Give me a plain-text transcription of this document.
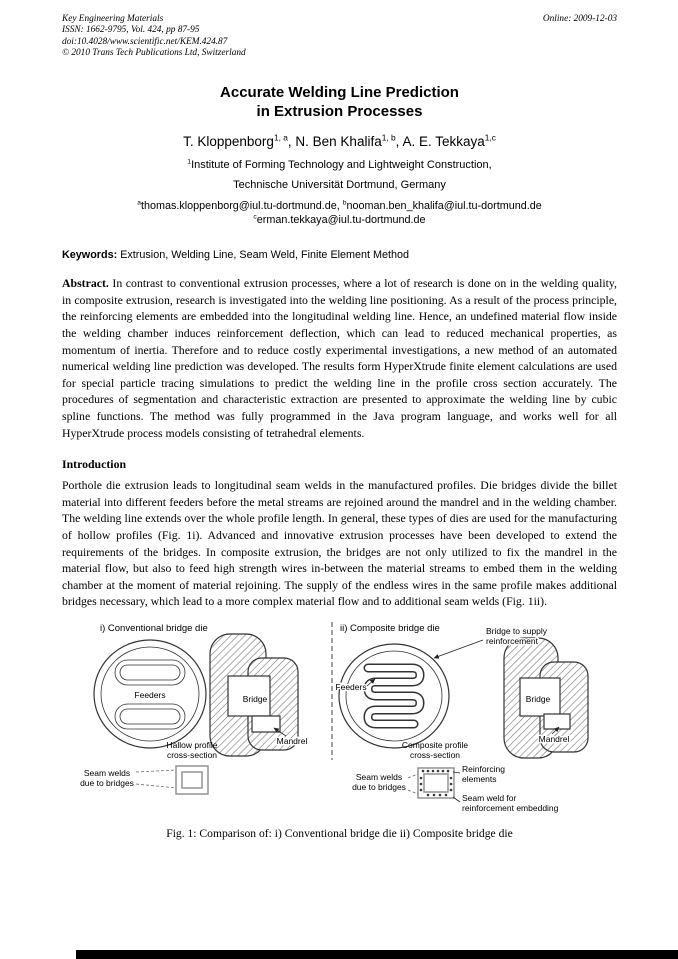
Key Engineering Materials
ISSN: 1662-9795, Vol. 424, pp 87-95
doi:10.4028/www.scientific.net/KEM.424.87
© 2010 Trans Tech Publications Ltd, Switzerland
Online: 2009-12-03
Accurate Welding Line Prediction
in Extrusion Processes
T. Kloppenborg$^{1, a}$, N. Ben Khalifa$^{1, b}$, A. E. Tekkaya$^{1,c}$
$^1$Institute of Forming Technology and Lightweight Construction,
Technische Universität Dortmund, Germany
$^a$thomas.kloppenborg@iul.tu-dortmund.de, $^b$nooman.ben_khalifa@iul.tu-dortmund.de
$^c$erman.tekkaya@iul.tu-dortmund.de

Keywords: Extrusion, Welding Line, Seam Weld, Finite Element Method

Abstract. In contrast to conventional extrusion processes, where a lot of research is done on in the welding quality, in composite extrusion, research is investigated into the welding line positioning. As a result of the process principle, the reinforcing elements are embedded into the longitudinal welding line. Hence, an undefined material flow inside the welding chamber induces reinforcement deflection, which can lead to reduced mechanical properties, as momentum of inertia. Therefore and to reduce costly experimental investigations, a new method of an automated numerical welding line prediction was developed. The results form HyperXtrude finite element calculations are used for special particle tracing simulations to predict the welding line in the profile cross section accurately. The procedures of segmentation and characteristic extraction are presented to approximate the welding line by cubic spline functions. The method was fully programmed in the Java program language, and works well for all HyperXtrude process models consisting of tetrahedral elements.

Introduction

Porthole die extrusion leads to longitudinal seam welds in the manufactured profiles. Die bridges divide the billet material into different feeders before the metal streams are rejoined around the mandrel and in the welding chamber. The welding line extends over the whole profile length. In general, these types of dies are used for the manufacturing of hollow profiles (Fig. 1i). Advanced and innovative extrusion processes have been developed to extend the requirements of the bridges. In composite extrusion, the bridges are not only utilized to fix the mandrel in the material flow, but also to feed high strength wires in-between the material streams to embed them in the welding chamber at the moment of material rejoining. The supply of the endless wires in the same profile makes additional bridges necessary, which lead to a more complex material flow and to additional seam welds (Fig. 1ii).

i) Conventional bridge die
Feeders	Bridge
Mandrel
Hallow profile
cross-section
Seam welds
due to bridges
ii) Composite bridge die	Bridge to supply
reinforcement
Feeders
Bridge
Mandrel
Composite profile
cross-section
Seam welds
due to bridges
Reinforcing
elements
Seam weld for
reinforcement embedding
Fig. 1: Comparison of: i) Conventional bridge die ii) Composite bridge die
